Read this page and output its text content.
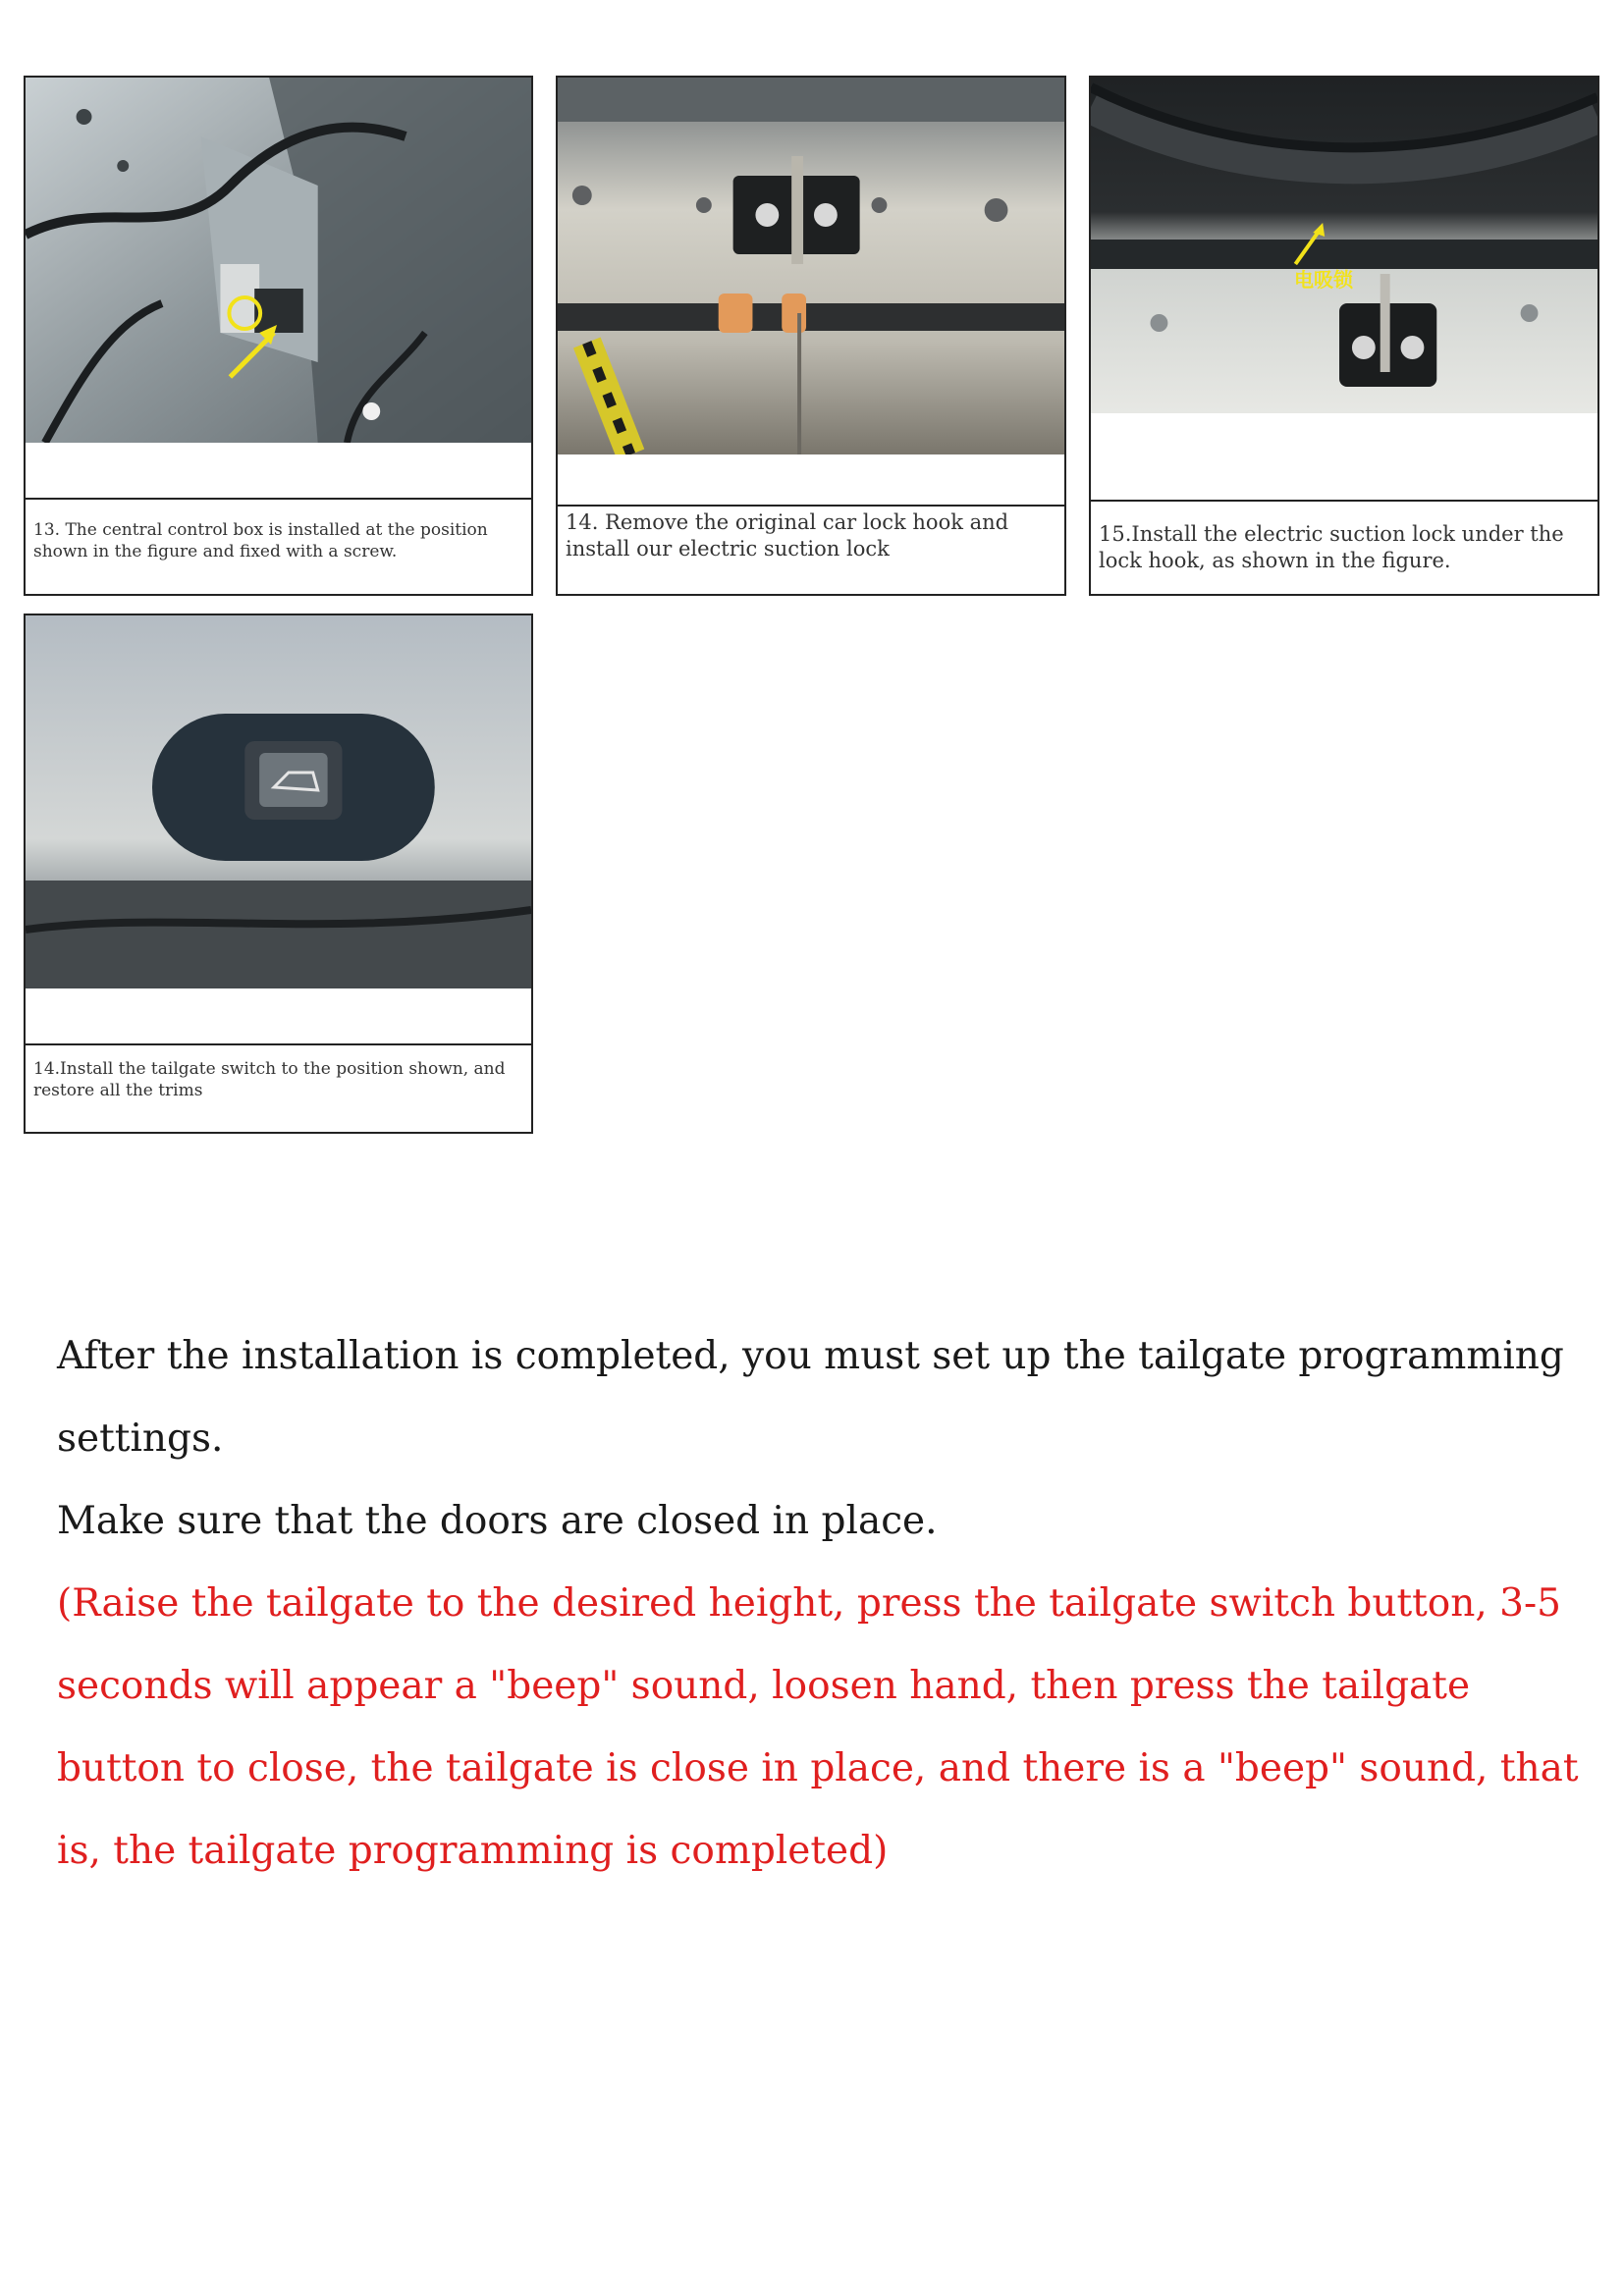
13. The central control box is installed at the position shown in the figure and fixed with a screw.
14. Remove the original car lock hook and install our electric suction lock
电吸锁
15.Install the electric suction lock under the lock hook, as shown in the figure.
14.Install the tailgate switch to the position shown, and restore all the trims

After the installation is completed, you must set up the tailgate programming settings.

Make sure that the doors are closed in place.

(Raise the tailgate to the desired height, press the tailgate switch button, 3-5 seconds will appear a "beep" sound, loosen hand, then press the tailgate button to close, the tailgate is close in place, and there is a "beep" sound, that is, the tailgate programming is completed)
